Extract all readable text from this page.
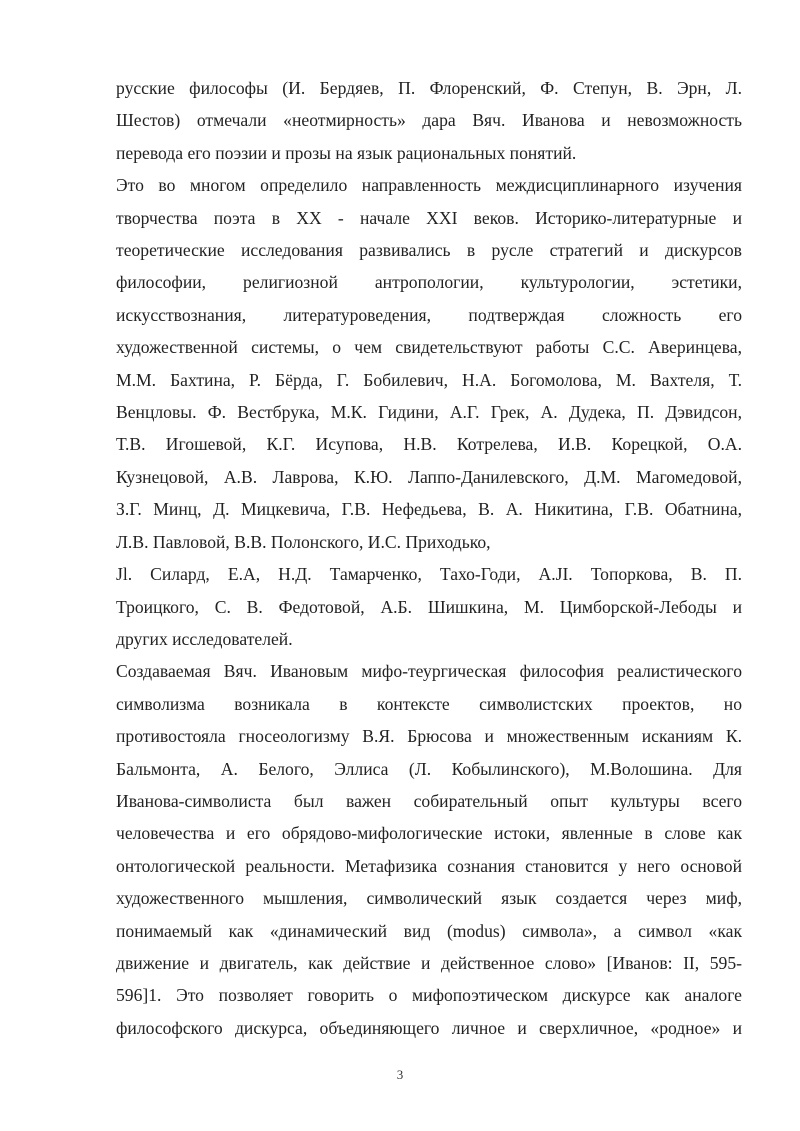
русские философы (И. Бердяев, П. Флоренский, Ф. Степун, В. Эрн, Л.

Шестов) отмечали «неотмирность» дара Вяч. Иванова и невозможность

перевода его поэзии и прозы на язык рациональных понятий.

Это во многом определило направленность междисциплинарного изучения

творчества поэта в XX - начале XXI веков. Историко-литературные и

теоретические исследования развивались в русле стратегий и дискурсов

философии, религиозной антропологии, культурологии, эстетики,

искусствознания, литературоведения, подтверждая сложность его

художественной системы, о чем свидетельствуют работы С.С. Аверинцева,

М.М. Бахтина, Р. Бёрда, Г. Бобилевич, Н.А. Богомолова, М. Вахтеля, Т.

Венцловы. Ф. Вестбрука, М.К. Гидини, А.Г. Грек, А. Дудека, П. Дэвидсон,

Т.В. Игошевой, К.Г. Исупова, Н.В. Котрелева, И.В. Корецкой, О.А.

Кузнецовой, А.В. Лаврова, К.Ю. Лаппо-Данилевского, Д.М. Магомедовой,

З.Г. Минц, Д. Мицкевича, Г.В. Нефедьева, В. А. Никитина, Г.В. Обатнина,

Л.В. Павловой, В.В. Полонского, И.С. Приходько,

Jl. Силард, Е.А, Н.Д. Тамарченко, Тахо-Годи, A.JI. Топоркова, В. П.

Троицкого, С. В. Федотовой, А.Б. Шишкина, М. Цимборской-Лебоды и

других исследователей.

Создаваемая Вяч. Ивановым мифо-теургическая философия реалистического

символизма возникала в контексте символистских проектов, но

противостояла гносеологизму В.Я. Брюсова и множественным исканиям К.

Бальмонта, А. Белого, Эллиса (Л. Кобылинского), М.Волошина. Для

Иванова-символиста был важен собирательный опыт культуры всего

человечества и его обрядово-мифологические истоки, явленные в слове как

онтологической реальности. Метафизика сознания становится у него основой

художественного мышления, символический язык создается через миф,

понимаемый как «динамический вид (modus) символа», а символ «как

движение и двигатель, как действие и действенное слово» [Иванов: II, 595-

596]1. Это позволяет говорить о мифопоэтическом дискурсе как аналоге

философского дискурса, объединяющего личное и сверхличное, «родное» и

3
